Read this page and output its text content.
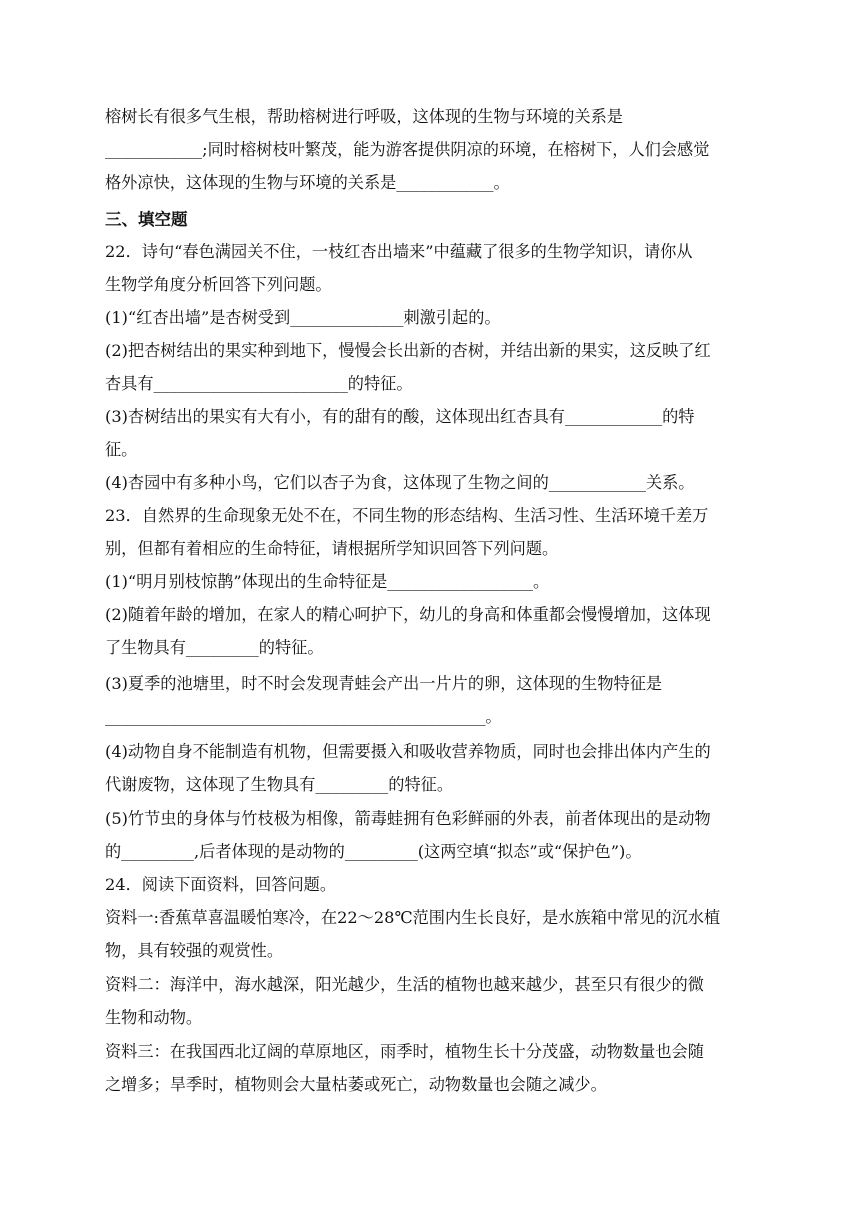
榕树长有很多气生根，帮助榕树进行呼吸，这体现的生物与环境的关系是
____________;同时榕树枝叶繁茂，能为游客提供阴凉的环境，在榕树下，人们会感觉
格外凉快，这体现的生物与环境的关系是____________。
三、填空题
22．诗句“春色满园关不住，一枝红杏出墙来”中蕴藏了很多的生物学知识，请你从
生物学角度分析回答下列问题。
(1)“红杏出墙”是杏树受到______________刺激引起的。
(2)把杏树结出的果实种到地下，慢慢会长出新的杏树，并结出新的果实，这反映了红
杏具有________________________的特征。
(3)杏树结出的果实有大有小，有的甜有的酸，这体现出红杏具有____________的特
征。
(4)杏园中有多种小鸟，它们以杏子为食，这体现了生物之间的____________关系。
23．自然界的生命现象无处不在，不同生物的形态结构、生活习性、生活环境千差万
别，但都有着相应的生命特征，请根据所学知识回答下列问题。
(1)“明月别枝惊鹊”体现出的生命特征是__________________。
(2)随着年龄的增加，在家人的精心呵护下，幼儿的身高和体重都会慢慢增加，这体现
了生物具有_________的特征。
(3)夏季的池塘里，时不时会发现青蛙会产出一片片的卵，这体现的生物特征是
_______________________________________________。
(4)动物自身不能制造有机物，但需要摄入和吸收营养物质，同时也会排出体内产生的
代谢废物，这体现了生物具有_________的特征。
(5)竹节虫的身体与竹枝极为相像，箭毒蛙拥有色彩鲜丽的外表，前者体现出的是动物
的_________,后者体现的是动物的_________(这两空填“拟态”或“保护色”)。
24．阅读下面资料，回答问题。
资料一:香蕉草喜温暖怕寒冷，在22～28℃范围内生长良好，是水族箱中常见的沉水植
物，具有较强的观赏性。
资料二：海洋中，海水越深，阳光越少，生活的植物也越来越少，甚至只有很少的微
生物和动物。
资料三：在我国西北辽阔的草原地区，雨季时，植物生长十分茂盛，动物数量也会随
之增多；旱季时，植物则会大量枯萎或死亡，动物数量也会随之减少。
